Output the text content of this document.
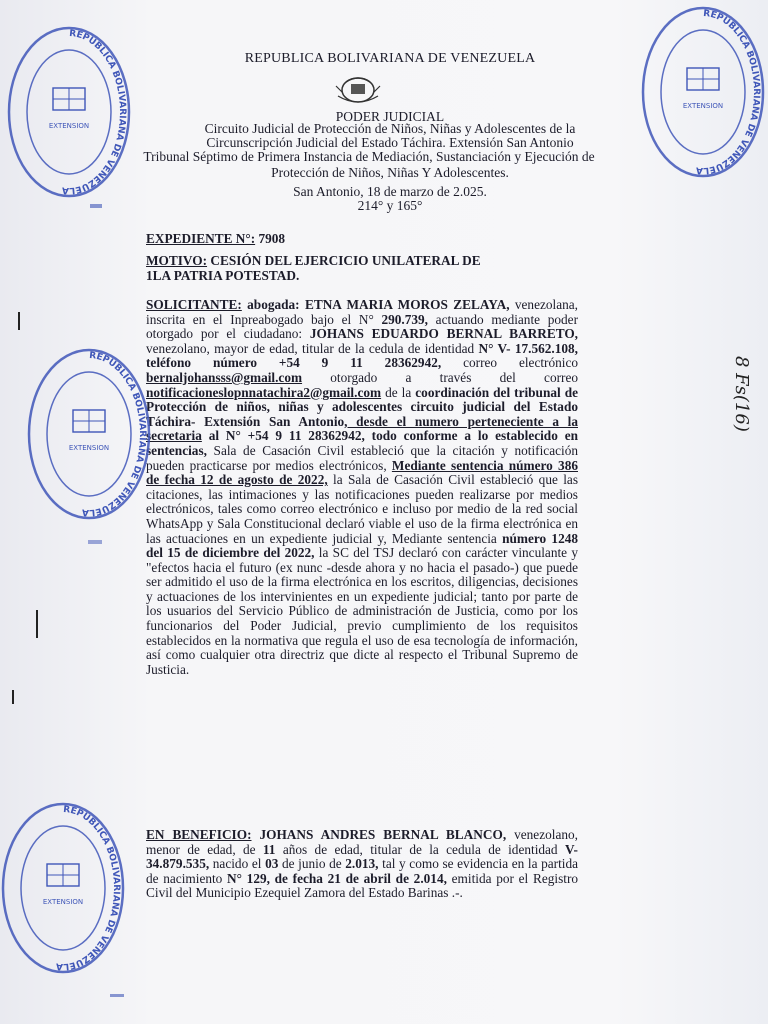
REPUBLICA BOLIVARIANA DE VENEZUELA
PODER JUDICIAL
Circuito Judicial de Protección de Niños, Niñas y Adolescentes de la
Circunscripción Judicial del Estado Táchira. Extensión San Antonio
Tribunal Séptimo de Primera Instancia de Mediación, Sustanciación y Ejecución de
Protección de Niños, Niñas Y Adolescentes.
San Antonio, 18 de marzo de 2.025.
214° y 165°
EXPEDIENTE N°: 7908
MOTIVO: CESIÓN DEL EJERCICIO UNILATERAL DE
1LA PATRIA POTESTAD.
SOLICITANTE: abogada: ETNA MARIA MOROS ZELAYA, venezolana, inscrita en el Inpreabogado bajo el N° 290.739, actuando mediante poder otorgado por el ciudadano: JOHANS EDUARDO BERNAL BARRETO, venezolano, mayor de edad, titular de la cedula de identidad N° V- 17.562.108, teléfono número +54 9 11 28362942, correo electrónico bernaljohansss@gmail.com otorgado a través del correo notificacioneslopnnatachira2@gmail.com de la coordinación del tribunal de Protección de niños, niñas y adolescentes circuito judicial del Estado Táchira- Extensión San Antonio, desde el numero perteneciente a la secretaria al N° +54 9 11 28362942, todo conforme a lo establecido en sentencias, Sala de Casación Civil estableció que la citación y notificación pueden practicarse por medios electrónicos, Mediante sentencia número 386 de fecha 12 de agosto de 2022, la Sala de Casación Civil estableció que las citaciones, las intimaciones y las notificaciones pueden realizarse por medios electrónicos, tales como correo electrónico e incluso por medio de la red social WhatsApp y Sala Constitucional declaró viable el uso de la firma electrónica en las actuaciones en un expediente judicial y, Mediante sentencia número 1248 del 15 de diciembre del 2022, la SC del TSJ declaró con carácter vinculante y "efectos hacia el futuro (ex nunc -desde ahora y no hacia el pasado-) que puede ser admitido el uso de la firma electrónica en los escritos, diligencias, decisiones y actuaciones de los intervinientes en un expediente judicial; tanto por parte de los usuarios del Servicio Público de administración de Justicia, como por los funcionarios del Poder Judicial, previo cumplimiento de los requisitos establecidos en la normativa que regula el uso de esa tecnología de información, así como cualquier otra directriz que dicte al respecto el Tribunal Supremo de Justicia.
EN BENEFICIO: JOHANS ANDRES BERNAL BLANCO, venezolano, menor de edad, de 11 años de edad, titular de la cedula de identidad V- 34.879.535, nacido el 03 de junio de 2.013, tal y como se evidencia en la partida de nacimiento N° 129, de fecha 21 de abril de 2.014, emitida por el Registro Civil del Municipio Ezequiel Zamora del Estado Barinas .-.
REPUBLICA BOLIVARIANA DE VENEZUELA
EXTENSION
REPUBLICA BOLIVARIANA DE VENEZUELA
EXTENSION
REPUBLICA BOLIVARIANA DE VENEZUELA
EXTENSION
REPUBLICA BOLIVARIANA DE VENEZUELA
EXTENSION
8 Fs(16)
